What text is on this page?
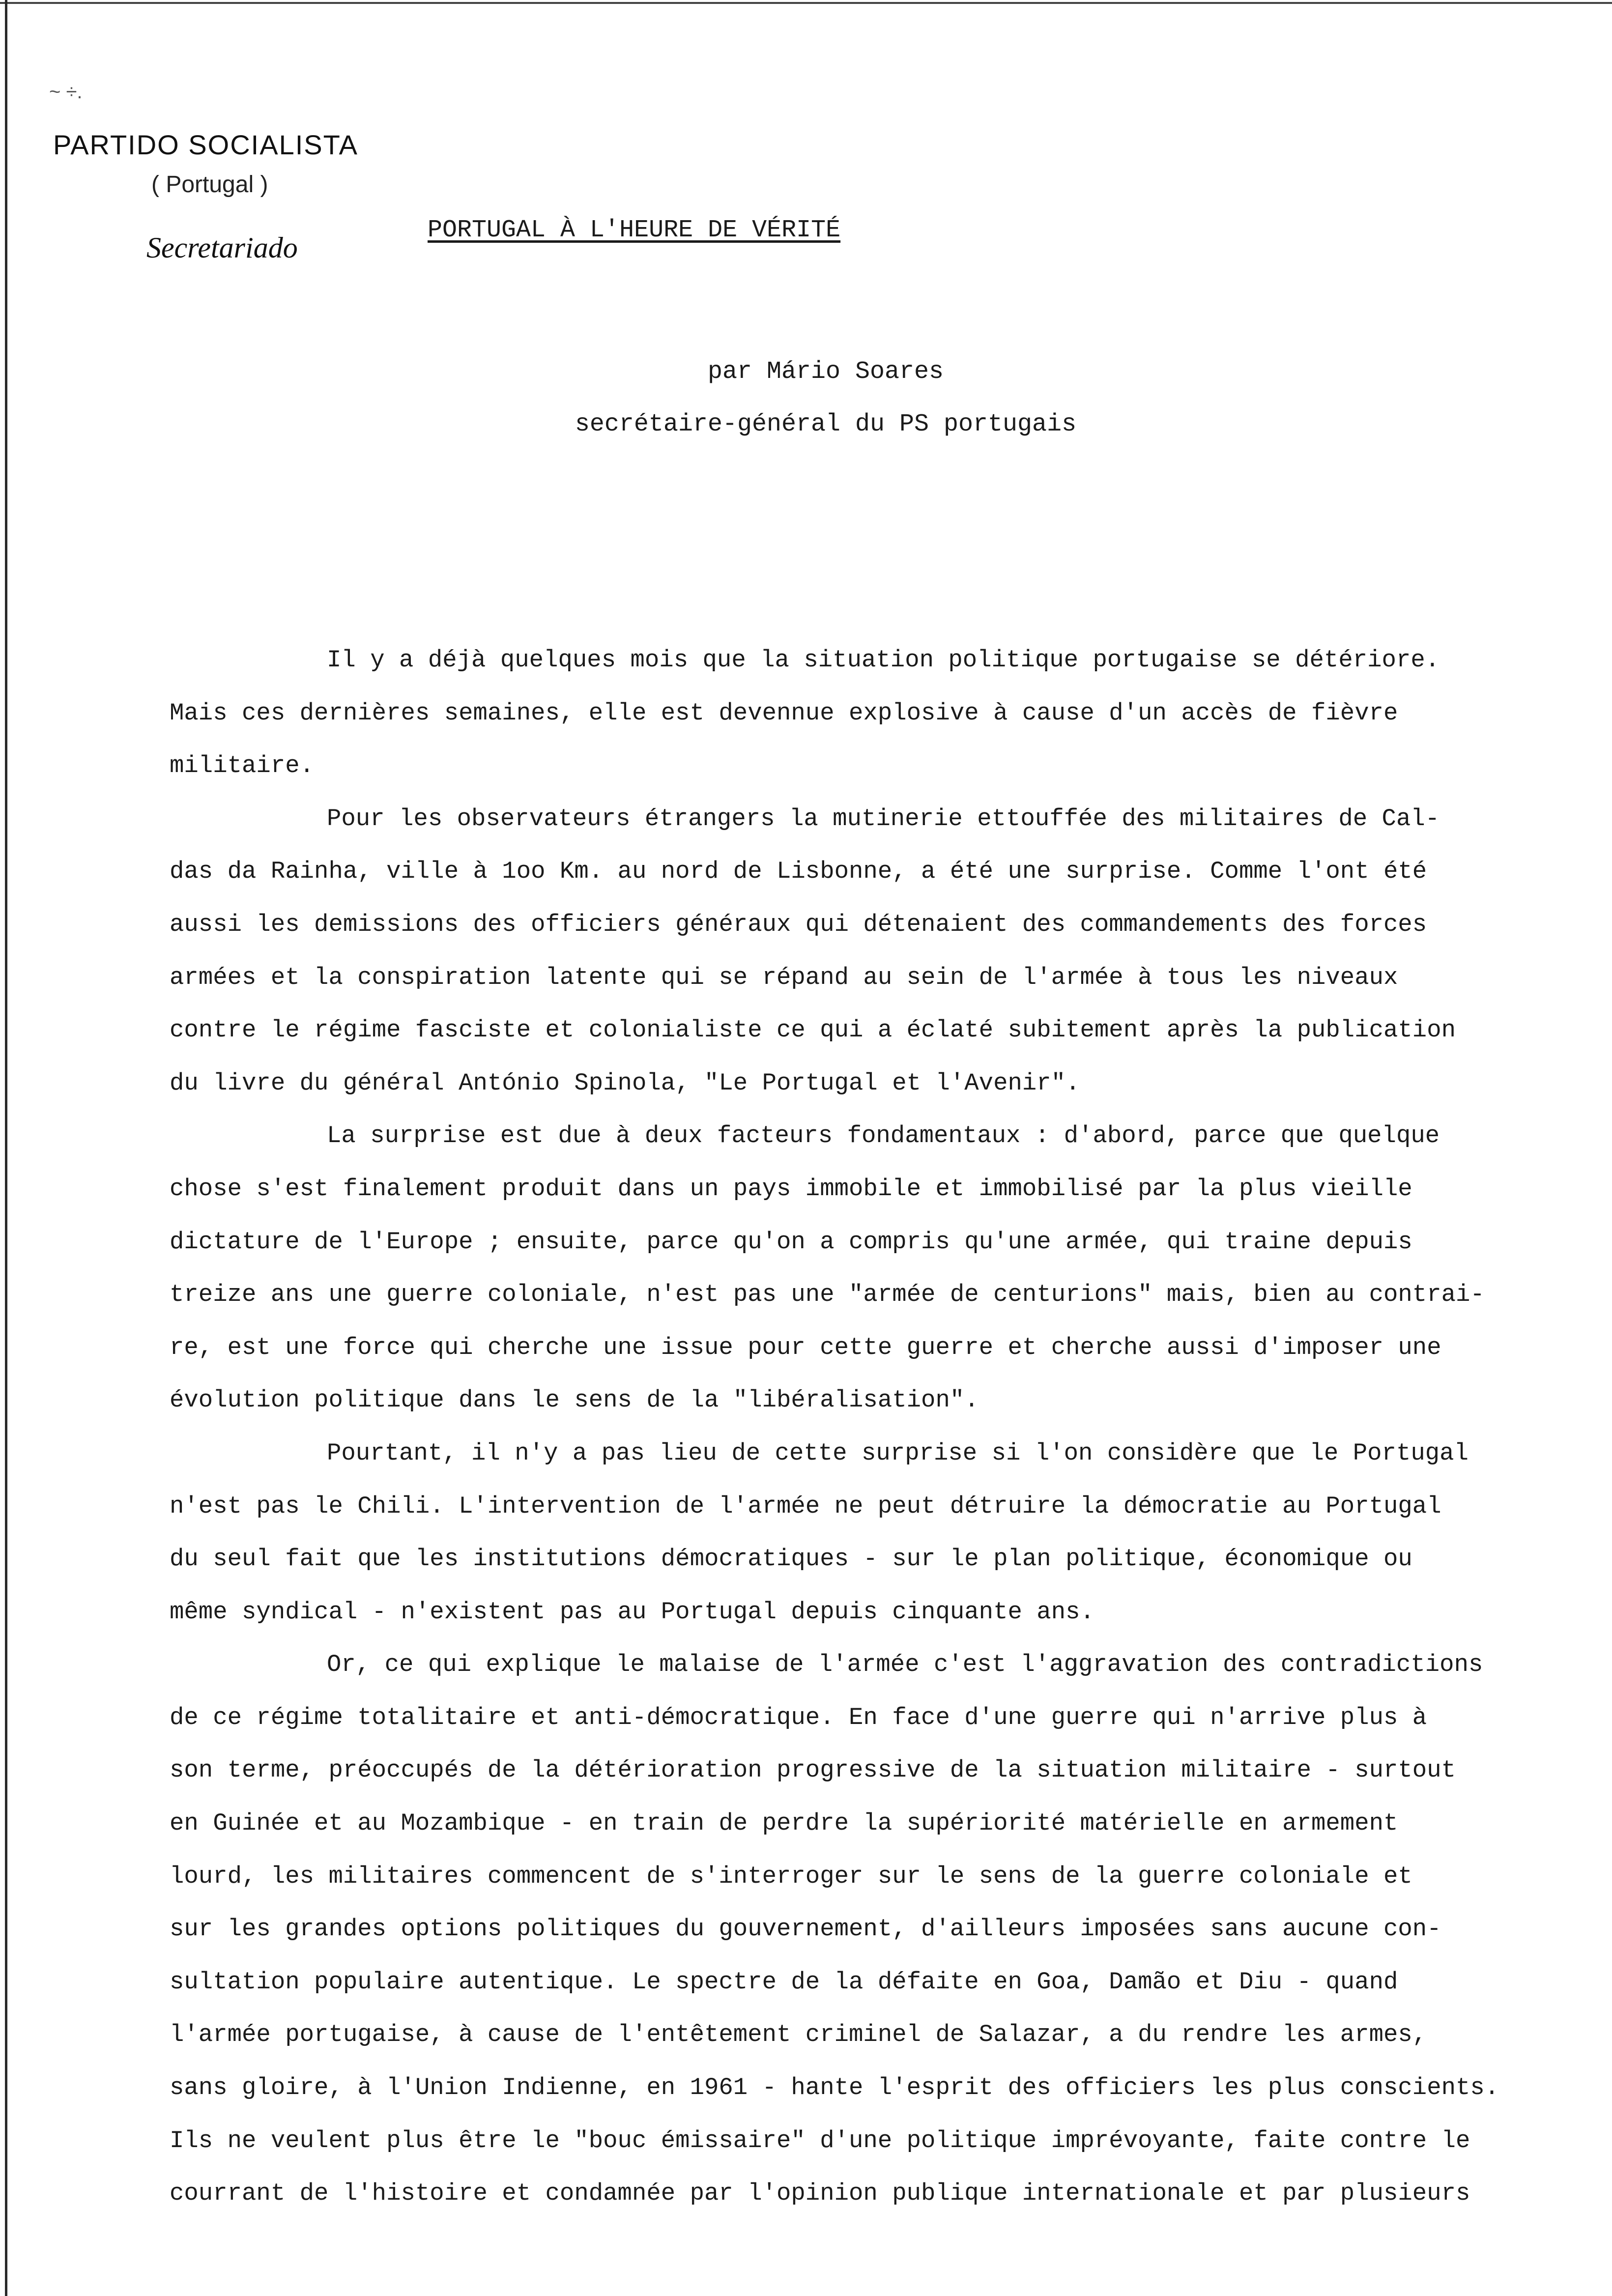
~ ÷.
PARTIDO SOCIALISTA
( Portugal )
Secretariado
PORTUGAL À L'HEURE DE VÉRITÉ
par Mário Soares
secrétaire-général du PS portugais
Il y a déjà quelques mois que la situation politique portugaise se détériore.
Mais ces dernières semaines, elle est devennue explosive à cause d'un accès de fièvre
militaire.
Pour les observateurs étrangers la mutinerie ettouffée des militaires de Cal-
das da Rainha, ville à 1oo Km. au nord de Lisbonne, a été une surprise. Comme l'ont été
aussi les demissions des officiers généraux qui détenaient des commandements des forces
armées et la conspiration latente qui se répand au sein de l'armée à tous les niveaux
contre le régime fasciste et colonialiste ce qui a éclaté subitement après la publication
du livre du général António Spinola, "Le Portugal et l'Avenir".
La surprise est due à deux facteurs fondamentaux : d'abord, parce que quelque
chose s'est finalement produit dans un pays immobile et immobilisé par la plus vieille
dictature de l'Europe ; ensuite, parce qu'on a compris qu'une armée, qui traine depuis
treize ans une guerre coloniale, n'est pas une "armée de centurions" mais, bien au contrai-
re, est une force qui cherche une issue pour cette guerre et cherche aussi d'imposer une
évolution politique dans le sens de la "libéralisation".
Pourtant, il n'y a pas lieu de cette surprise si l'on considère que le Portugal
n'est pas le Chili. L'intervention de l'armée ne peut détruire la démocratie au Portugal
du seul fait que les institutions démocratiques - sur le plan politique, économique ou
même syndical - n'existent pas au Portugal depuis cinquante ans.
Or, ce qui explique le malaise de l'armée c'est l'aggravation des contradictions
de ce régime totalitaire et anti-démocratique. En face d'une guerre qui n'arrive plus à
son terme, préoccupés de la détérioration progressive de la situation militaire - surtout
en Guinée et au Mozambique - en train de perdre la supériorité matérielle en armement
lourd, les militaires commencent de s'interroger sur le sens de la guerre coloniale et
sur les grandes options politiques du gouvernement, d'ailleurs imposées sans aucune con-
sultation populaire autentique. Le spectre de la défaite en Goa, Damão et Diu - quand
l'armée portugaise, à cause de l'entêtement criminel de Salazar, a du rendre les armes,
sans gloire, à l'Union Indienne, en 1961 - hante l'esprit des officiers les plus conscients.
Ils ne veulent plus être le "bouc émissaire" d'une politique imprévoyante, faite contre le
courrant de l'histoire et condamnée par l'opinion publique internationale et par plusieurs
